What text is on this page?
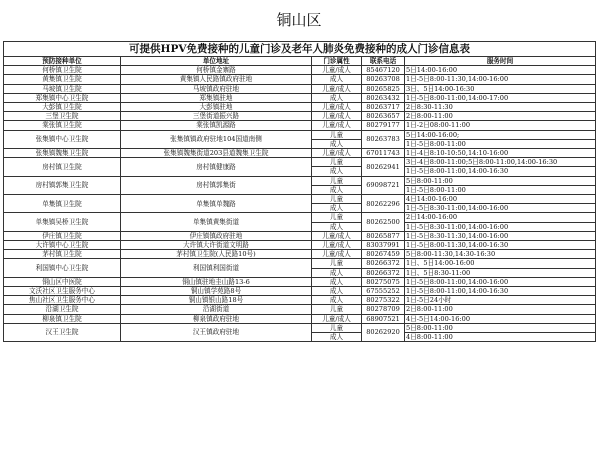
铜山区
可提供HPV免费接种的儿童门诊及老年人肺炎免费接种的成人门诊信息表				
预防接种单位	单位地址	门诊属性	联系电话	服务时间
何桥镇卫生院	何桥镇金寨路	儿童/成人	85467120	5日14:00-16:00
黄集镇卫生院	黄集镇人民路镇政府驻地	成人	80263708	1日-5日8:00-11:30,14:00-16:00
马坡镇卫生院	马坡镇政府驻地	儿童/成人	80265825	3日、5日14:00-16:30
郑集镇中心卫生院	郑集镇驻地	成人	80263432	1日-5日8:00-11:00,14:00-17:00
大彭镇卫生院	大彭镇驻地	儿童/成人	80263717	2日8:30-11:30
三堡卫生院	三堡街道振兴路	儿童/成人	80263657	2日8:00-11:00
棠张镇卫生院	棠张镇凯源路	儿童/成人	80279177	1日-2日08:00-11:00
张集镇中心卫生院	张集镇镇政府驻地104国道南侧	儿童	80263783	5日14:00-16:00;
		成人		1日-5日8:00-11:00
张集镇魏集卫生院	张集镇魏集街道203县道魏集卫生院	儿童/成人	67011743	1日-4日8:10-10:50,14:10-16:00
房村镇卫生院	房村镇健康路	儿童	80262941	3日-4日8:00-11:00;5日8:00-11:00,14:00-16:30
		成人		1日-5日8:00-11:00,14:00-16:30
房村镇郭集卫生院	房村镇郭集街	儿童	69098721	5日8:00-11:00
		成人		1日-5日8:00-11:00
单集镇卫生院	单集镇单魏路	儿童	80262296	4日14:00-16:00
		成人		1日-5日8:30-11:00,14:00-16:00
单集镇吴桥卫生院	单集镇黄集街道	儿童	80262500	2日14:00-16:00
		成人		1日-5日8:30-11:00,14:00-16:00
伊庄镇卫生院	伊庄镇镇政府驻地	儿童/成人	80265877	1日-5日8:30-11:30,14:00-16:00
大许镇中心卫生院	大许镇大许街道文明路	儿童/成人	83037991	1日-5日8:00-11:30,14:00-16:30
茅村镇卫生院	茅村镇卫生院(人民路10号)	儿童/成人	80267459	5日8:00-11:30,14:30-16:30
利国镇中心卫生院	利国镇利国街道	儿童	80266372	1日、5日14:00-16:00
		成人	80266372	1日、5日8:30-11:00
铜山区中医院	铜山镇驻地圭山路13-6	成人	80275075	1日-5日8:00-11:00,14:00-16:00
文沃社区卫生服务中心	铜山镇学苑路8号	成人	67555252	1日-5日8:00-11:00,14:00-16:30
焦山社区卫生服务中心	铜山镇银山路18号	成人	80275322	1日-5日24小时
沿湖卫生院	沿湖街道	儿童	80278709	2日8:00-11:00
柳泉镇卫生院	柳泉镇政府驻地	儿童/成人	68907521	4日-5日14:00-16:00
汉王卫生院	汉王镇政府驻地	儿童	80262920	5日8:00-11:00
		成人		4日8:00-11:00
